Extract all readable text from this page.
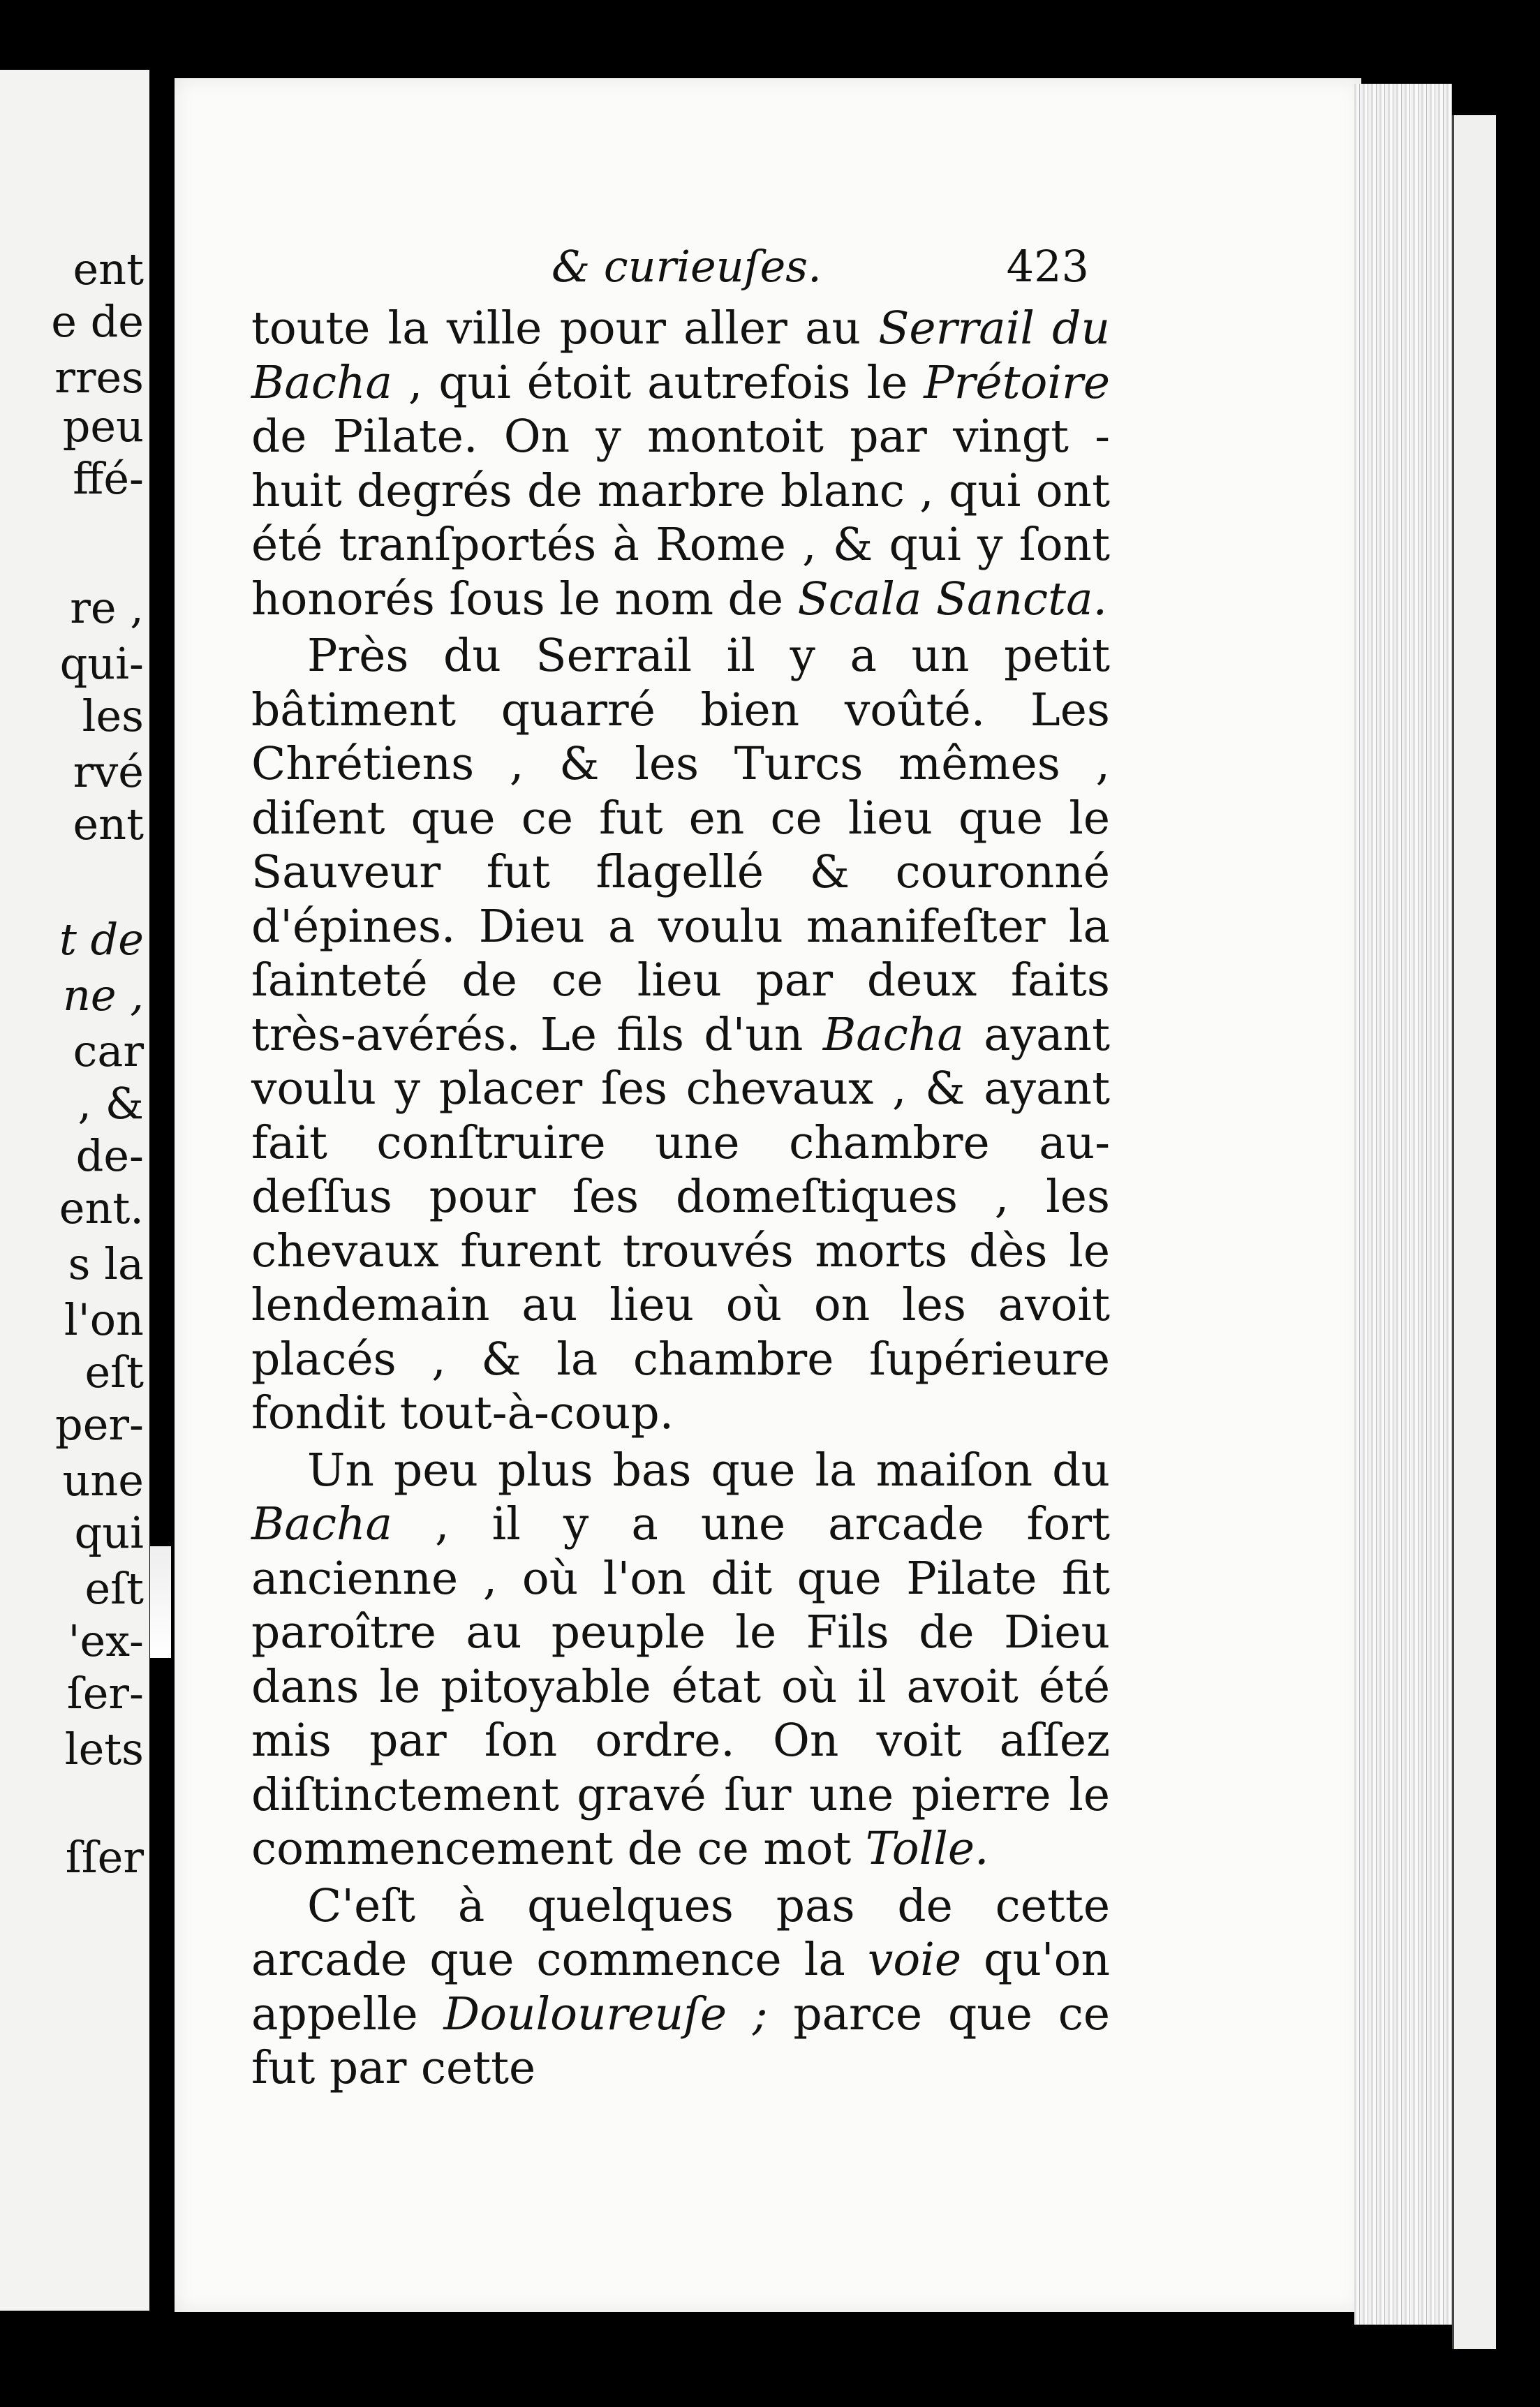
ent
e de
rres
peu
ffé-
re ,
qui-
les
rvé
ent
t de
ne ,
car
, &
de-
ent.
s la
l'on
eſt
per-
une
qui
eſt
'ex-
ſer-
lets
ſſer
& curieuſes.	423

toute la ville pour aller au Serrail du Bacha , qui étoit autrefois le Prétoire de Pilate. On y montoit par vingt - huit degrés de marbre blanc , qui ont été tranſportés à Rome , & qui y ſont honorés ſous le nom de Scala Sancta.

Près du Serrail il y a un petit bâtiment quarré bien voûté. Les Chrétiens , & les Turcs mêmes , diſent que ce fut en ce lieu que le Sauveur fut flagellé & couronné d'épines. Dieu a voulu manifeſter la ſainteté de ce lieu par deux faits très-avérés. Le fils d'un Bacha ayant voulu y placer ſes chevaux , & ayant fait conſtruire une chambre au-deſſus pour ſes domeſtiques , les chevaux furent trouvés morts dès le lendemain au lieu où on les avoit placés , & la chambre ſupérieure fondit tout-à-coup.

Un peu plus bas que la maiſon du Bacha , il y a une arcade fort ancienne , où l'on dit que Pilate fit paroître au peuple le Fils de Dieu dans le pitoyable état où il avoit été mis par ſon ordre. On voit aſſez diſtinctement gravé ſur une pierre le commencement de ce mot Tolle.

C'eſt à quelques pas de cette arcade que commence la voie qu'on appelle Douloureuſe ; parce que ce fut par cette
